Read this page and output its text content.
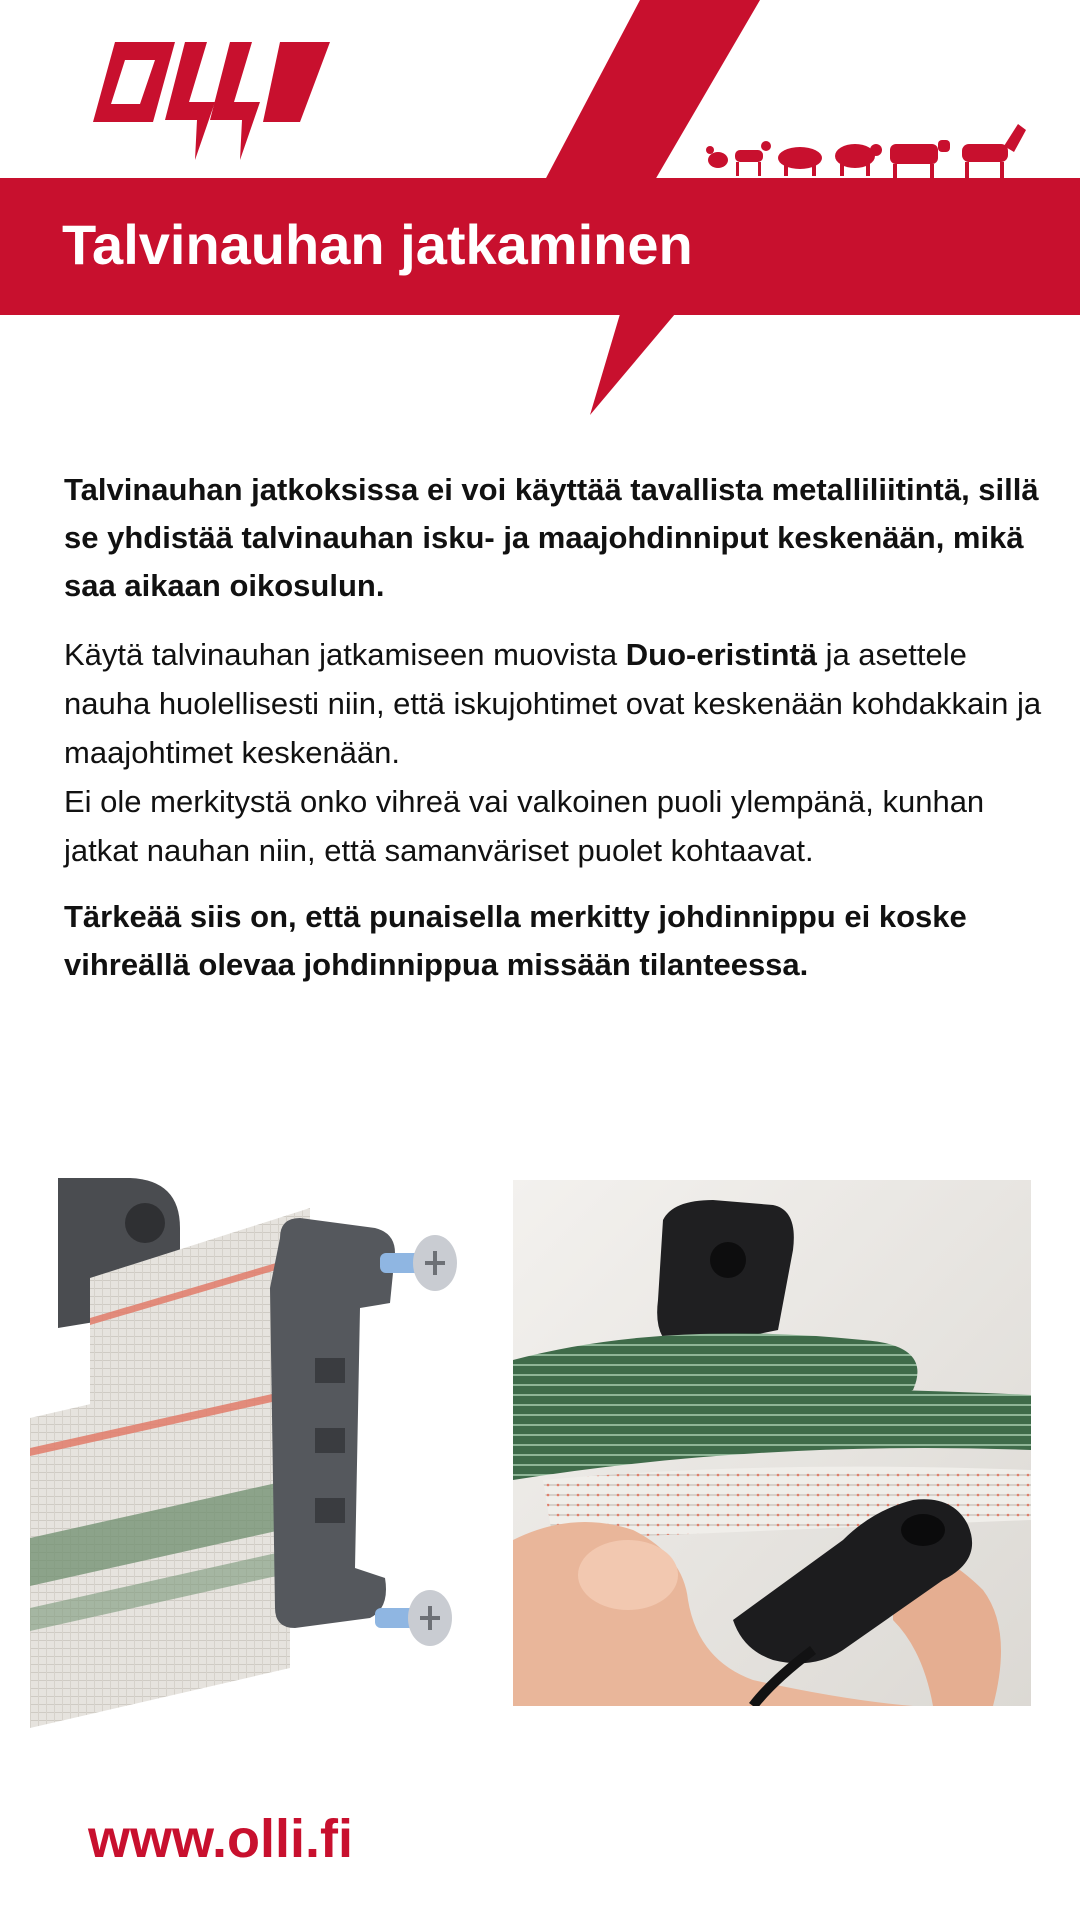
Talvinauhan jatkaminen

Talvinauhan jatkoksissa ei voi käyttää tavallista metalliliitintä, sillä se yhdistää talvinauhan isku- ja maajohdinniput keskenään, mikä saa aikaan oikosulun.

Käytä talvinauhan jatkamiseen muovista Duo-eristintä ja asettele nauha huolellisesti niin, että iskujohtimet ovat keskenään kohdakkain ja maajohtimet keskenään.
Ei ole merkitystä onko vihreä vai valkoinen puoli ylempänä, kunhan jatkat nauhan niin, että samanväriset puolet kohtaavat.

Tärkeää siis on, että punaisella merkitty johdinnippu ei koske vihreällä olevaa johdinnippua missään tilanteessa.

www.olli.fi
